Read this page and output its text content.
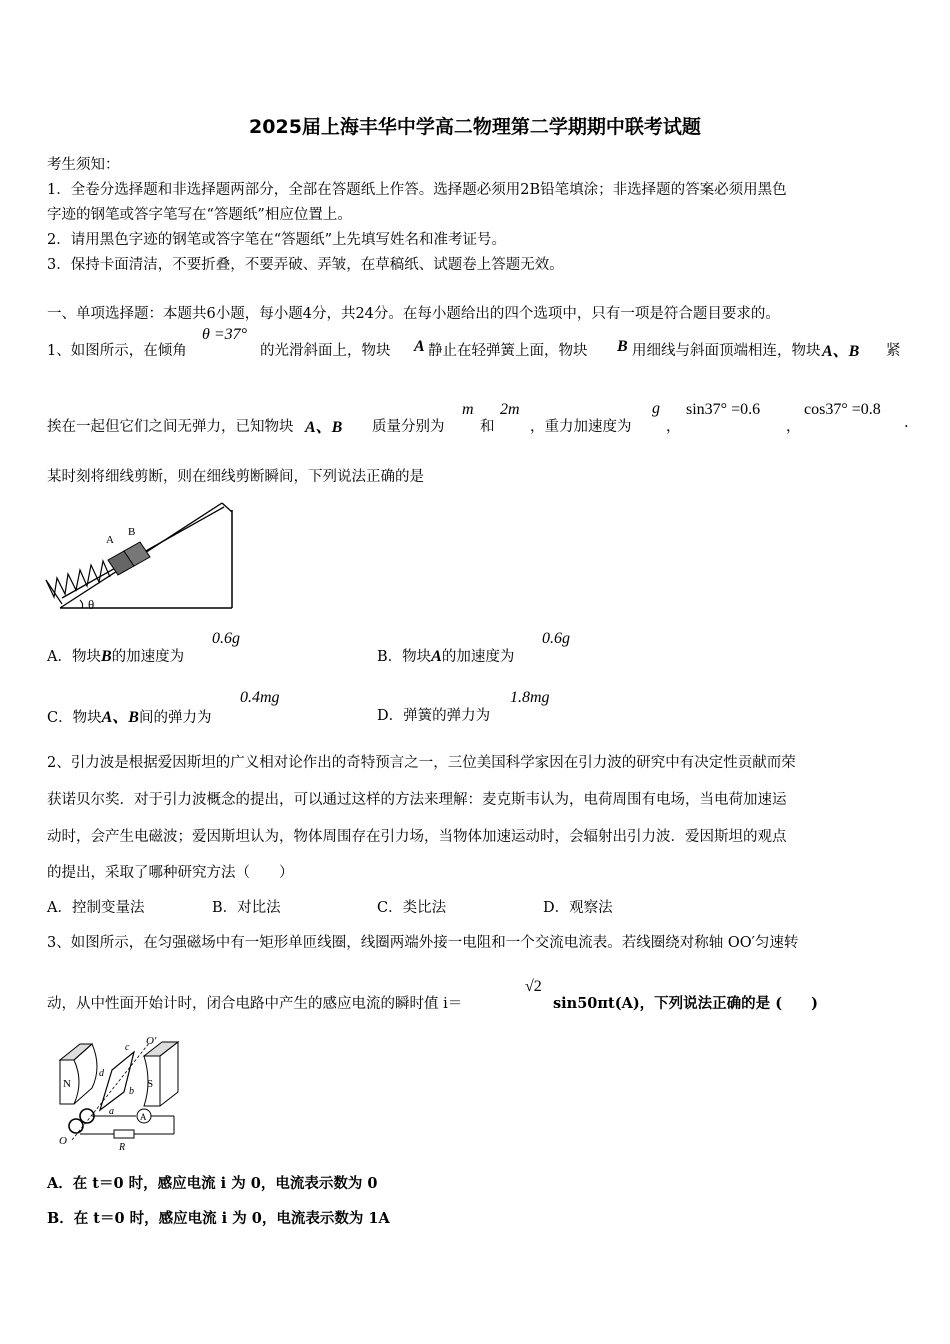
2025届上海丰华中学高二物理第二学期期中联考试题
考生须知：
1．全卷分选择题和非选择题两部分，全部在答题纸上作答。选择题必须用2B铅笔填涂；非选择题的答案必须用黑色
字迹的钢笔或答字笔写在“答题纸”相应位置上。
2．请用黑色字迹的钢笔或答字笔在“答题纸”上先填写姓名和准考证号。
3．保持卡面清洁，不要折叠，不要弄破、弄皱，在草稿纸、试题卷上答题无效。
一、单项选择题：本题共6小题，每小题4分，共24分。在每小题给出的四个选项中，只有一项是符合题目要求的。
1、如图所示，在倾角
θ =37°
的光滑斜面上，物块 A 静止在轻弹簧上面，物块 B 用细线与斜面顶端相连，物块 A、B 紧
挨在一起但它们之间无弹力，已知物块 A、B 质量分别为
m
和
2m
，重力加速度为
g
，
sin37° =0.6
，
cos37° =0.8
.
某时刻将细线剪断，则在细线剪断瞬间，下列说法正确的是
A
B
θ
A．物块B的加速度为
0.6g
B．物块A的加速度为
0.6g
C．物块A、B间的弹力为
0.4mg
D．弹簧的弹力为
1.8mg
2、引力波是根据爱因斯坦的广义相对论作出的奇特预言之一，三位美国科学家因在引力波的研究中有决定性贡献而荣
获诺贝尔奖．对于引力波概念的提出，可以通过这样的方法来理解：麦克斯韦认为，电荷周围有电场，当电荷加速运
动时，会产生电磁波；爱因斯坦认为，物体周围存在引力场，当物体加速运动时，会辐射出引力波．爱因斯坦的观点
的提出，采取了哪种研究方法（　　）
A．控制变量法	B．对比法	C．类比法	D．观察法
3、如图所示，在匀强磁场中有一矩形单匝线圈，线圈两端外接一电阻和一个交流电流表。若线圈绕对称轴 OO′匀速转
动，从中性面开始计时，闭合电路中产生的感应电流的瞬时值 i＝
√2
sin50πt(A)，下列说法正确的是 (　　)
N	S
O′
O
a
b
c
d
A
R
A．在 t＝0 时，感应电流 i 为 0，电流表示数为 0
B．在 t＝0 时，感应电流 i 为 0，电流表示数为 1A
